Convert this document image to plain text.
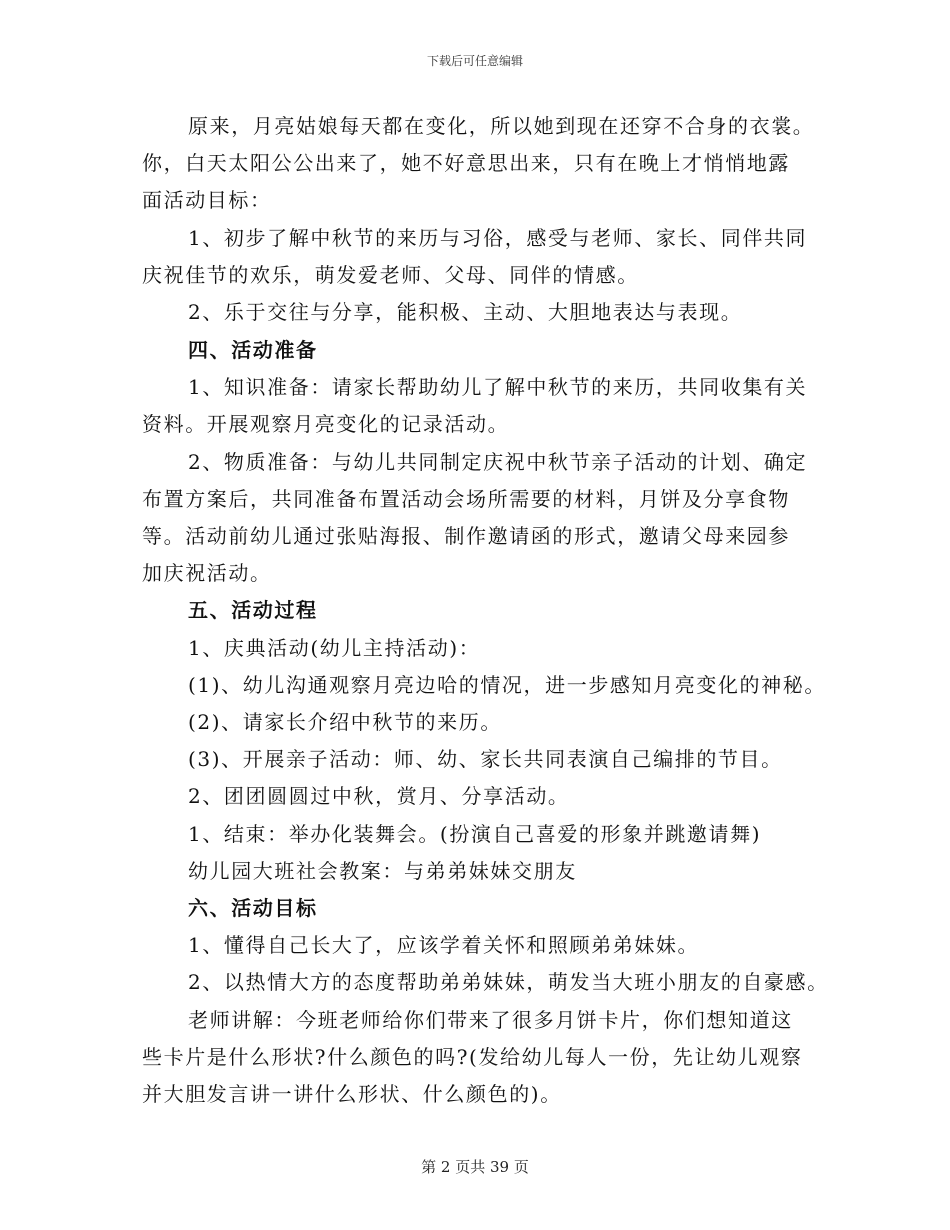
下载后可任意编辑
原来，月亮姑娘每天都在变化，所以她到现在还穿不合身的衣裳。
你，白天太阳公公出来了，她不好意思出来，只有在晚上才悄悄地露
面活动目标：
1、初步了解中秋节的来历与习俗，感受与老师、家长、同伴共同
庆祝佳节的欢乐，萌发爱老师、父母、同伴的情感。
2、乐于交往与分享，能积极、主动、大胆地表达与表现。
四、活动准备
1、知识准备：请家长帮助幼儿了解中秋节的来历，共同收集有关
资料。开展观察月亮变化的记录活动。
2、物质准备：与幼儿共同制定庆祝中秋节亲子活动的计划、确定
布置方案后，共同准备布置活动会场所需要的材料，月饼及分享食物
等。活动前幼儿通过张贴海报、制作邀请函的形式，邀请父母来园参
加庆祝活动。
五、活动过程
1、庆典活动(幼儿主持活动)：
(1)、幼儿沟通观察月亮边哈的情况，进一步感知月亮变化的神秘。
(2)、请家长介绍中秋节的来历。
(3)、开展亲子活动：师、幼、家长共同表演自己编排的节目。
2、团团圆圆过中秋，赏月、分享活动。
1、结束：举办化装舞会。(扮演自己喜爱的形象并跳邀请舞)
幼儿园大班社会教案：与弟弟妹妹交朋友
六、活动目标
1、懂得自己长大了，应该学着关怀和照顾弟弟妹妹。
2、以热情大方的态度帮助弟弟妹妹，萌发当大班小朋友的自豪感。
老师讲解：今班老师给你们带来了很多月饼卡片，你们想知道这
些卡片是什么形状?什么颜色的吗?(发给幼儿每人一份，先让幼儿观察
并大胆发言讲一讲什么形状、什么颜色的)。
第 2 页共 39 页
